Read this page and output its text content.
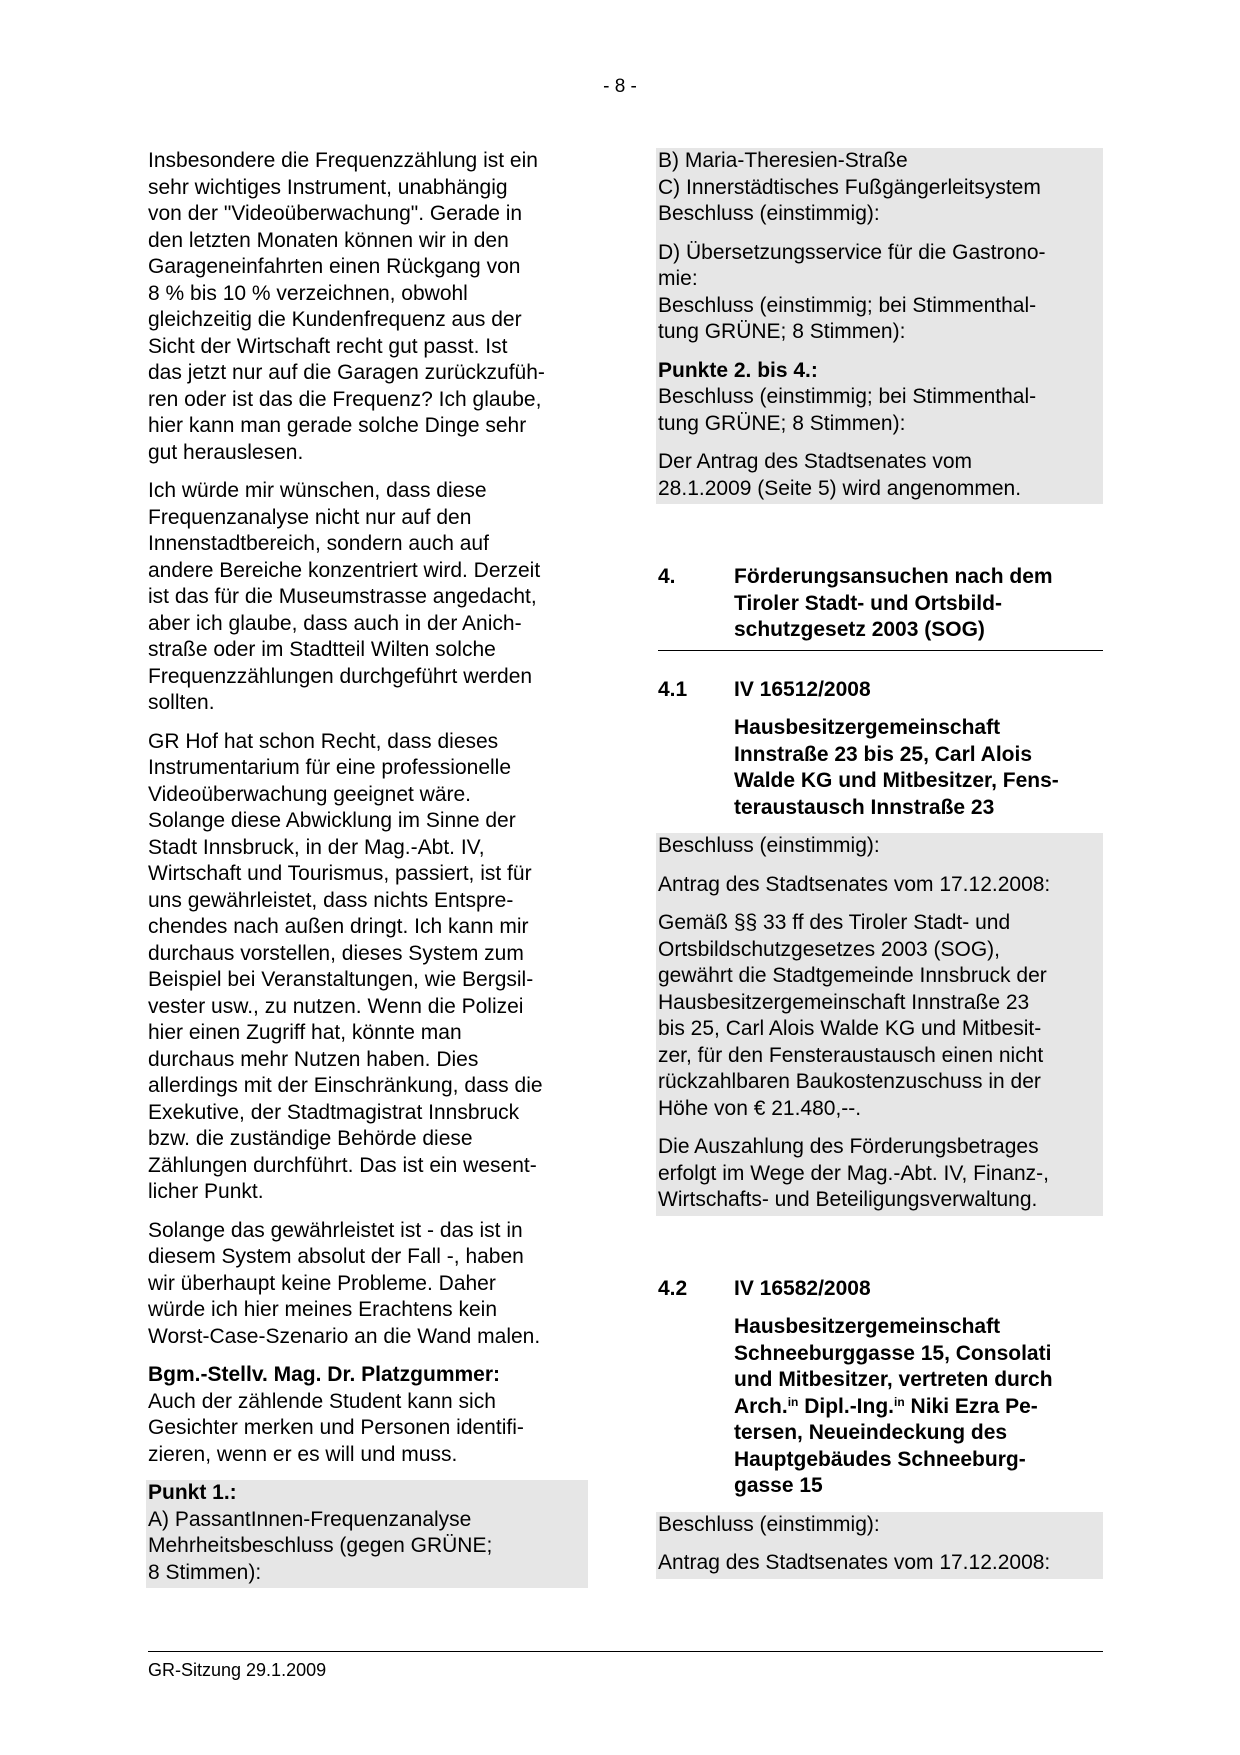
- 8 -

Insbesondere die Frequenzzählung ist ein
sehr wichtiges Instrument, unabhängig
von der "Videoüberwachung". Gerade in
den letzten Monaten können wir in den
Garageneinfahrten einen Rückgang von
8 % bis 10 % verzeichnen, obwohl
gleichzeitig die Kundenfrequenz aus der
Sicht der Wirtschaft recht gut passt. Ist
das jetzt nur auf die Garagen zurückzufüh-
ren oder ist das die Frequenz? Ich glaube,
hier kann man gerade solche Dinge sehr
gut herauslesen.

Ich würde mir wünschen, dass diese
Frequenzanalyse nicht nur auf den
Innenstadtbereich, sondern auch auf
andere Bereiche konzentriert wird. Derzeit
ist das für die Museumstrasse angedacht,
aber ich glaube, dass auch in der Anich-
straße oder im Stadtteil Wilten solche
Frequenzzählungen durchgeführt werden
sollten.

GR Hof hat schon Recht, dass dieses
Instrumentarium für eine professionelle
Videoüberwachung geeignet wäre.
Solange diese Abwicklung im Sinne der
Stadt Innsbruck, in der Mag.-Abt. IV,
Wirtschaft und Tourismus, passiert, ist für
uns gewährleistet, dass nichts Entspre-
chendes nach außen dringt. Ich kann mir
durchaus vorstellen, dieses System zum
Beispiel bei Veranstaltungen, wie Bergsil-
vester usw., zu nutzen. Wenn die Polizei
hier einen Zugriff hat, könnte man
durchaus mehr Nutzen haben. Dies
allerdings mit der Einschränkung, dass die
Exekutive, der Stadtmagistrat Innsbruck
bzw. die zuständige Behörde diese
Zählungen durchführt. Das ist ein wesent-
licher Punkt.

Solange das gewährleistet ist - das ist in
diesem System absolut der Fall -, haben
wir überhaupt keine Probleme. Daher
würde ich hier meines Erachtens kein
Worst-Case-Szenario an die Wand malen.

Bgm.-Stellv. Mag. Dr. Platzgummer:
Auch der zählende Student kann sich
Gesichter merken und Personen identifi-
zieren, wenn er es will und muss.

Punkt 1.:
A) PassantInnen-Frequenzanalyse
Mehrheitsbeschluss (gegen GRÜNE;
8 Stimmen):

B) Maria-Theresien-Straße
C) Innerstädtisches Fußgängerleitsystem
Beschluss (einstimmig):

D) Übersetzungsservice für die Gastrono-
mie:
Beschluss (einstimmig; bei Stimmenthal-
tung GRÜNE; 8 Stimmen):

Punkte 2. bis 4.:
Beschluss (einstimmig; bei Stimmenthal-
tung GRÜNE; 8 Stimmen):

Der Antrag des Stadtsenates vom
28.1.2009 (Seite 5) wird angenommen.

4.	Förderungsansuchen nach dem
Tiroler Stadt- und Ortsbild-
schutzgesetz 2003 (SOG)
4.1 IV 16512/2008
Hausbesitzergemeinschaft
Innstraße 23 bis 25, Carl Alois
Walde KG und Mitbesitzer, Fens-
teraustausch Innstraße 23

Beschluss (einstimmig):

Antrag des Stadtsenates vom 17.12.2008:

Gemäß §§ 33 ff des Tiroler Stadt- und
Ortsbildschutzgesetzes 2003 (SOG),
gewährt die Stadtgemeinde Innsbruck der
Hausbesitzergemeinschaft Innstraße 23
bis 25, Carl Alois Walde KG und Mitbesit-
zer, für den Fensteraustausch einen nicht
rückzahlbaren Baukostenzuschuss in der
Höhe von € 21.480,--.

Die Auszahlung des Förderungsbetrages
erfolgt im Wege der Mag.-Abt. IV, Finanz-,
Wirtschafts- und Beteiligungsverwaltung.

4.2 IV 16582/2008
Hausbesitzergemeinschaft
Schneeburggasse 15, Consolati
und Mitbesitzer, vertreten durch
Arch.$^{in}$ Dipl.-Ing.$^{in}$ Niki Ezra Pe-
tersen, Neueindeckung des
Hauptgebäudes Schneeburg-
gasse 15

Beschluss (einstimmig):

Antrag des Stadtsenates vom 17.12.2008:

GR-Sitzung 29.1.2009
